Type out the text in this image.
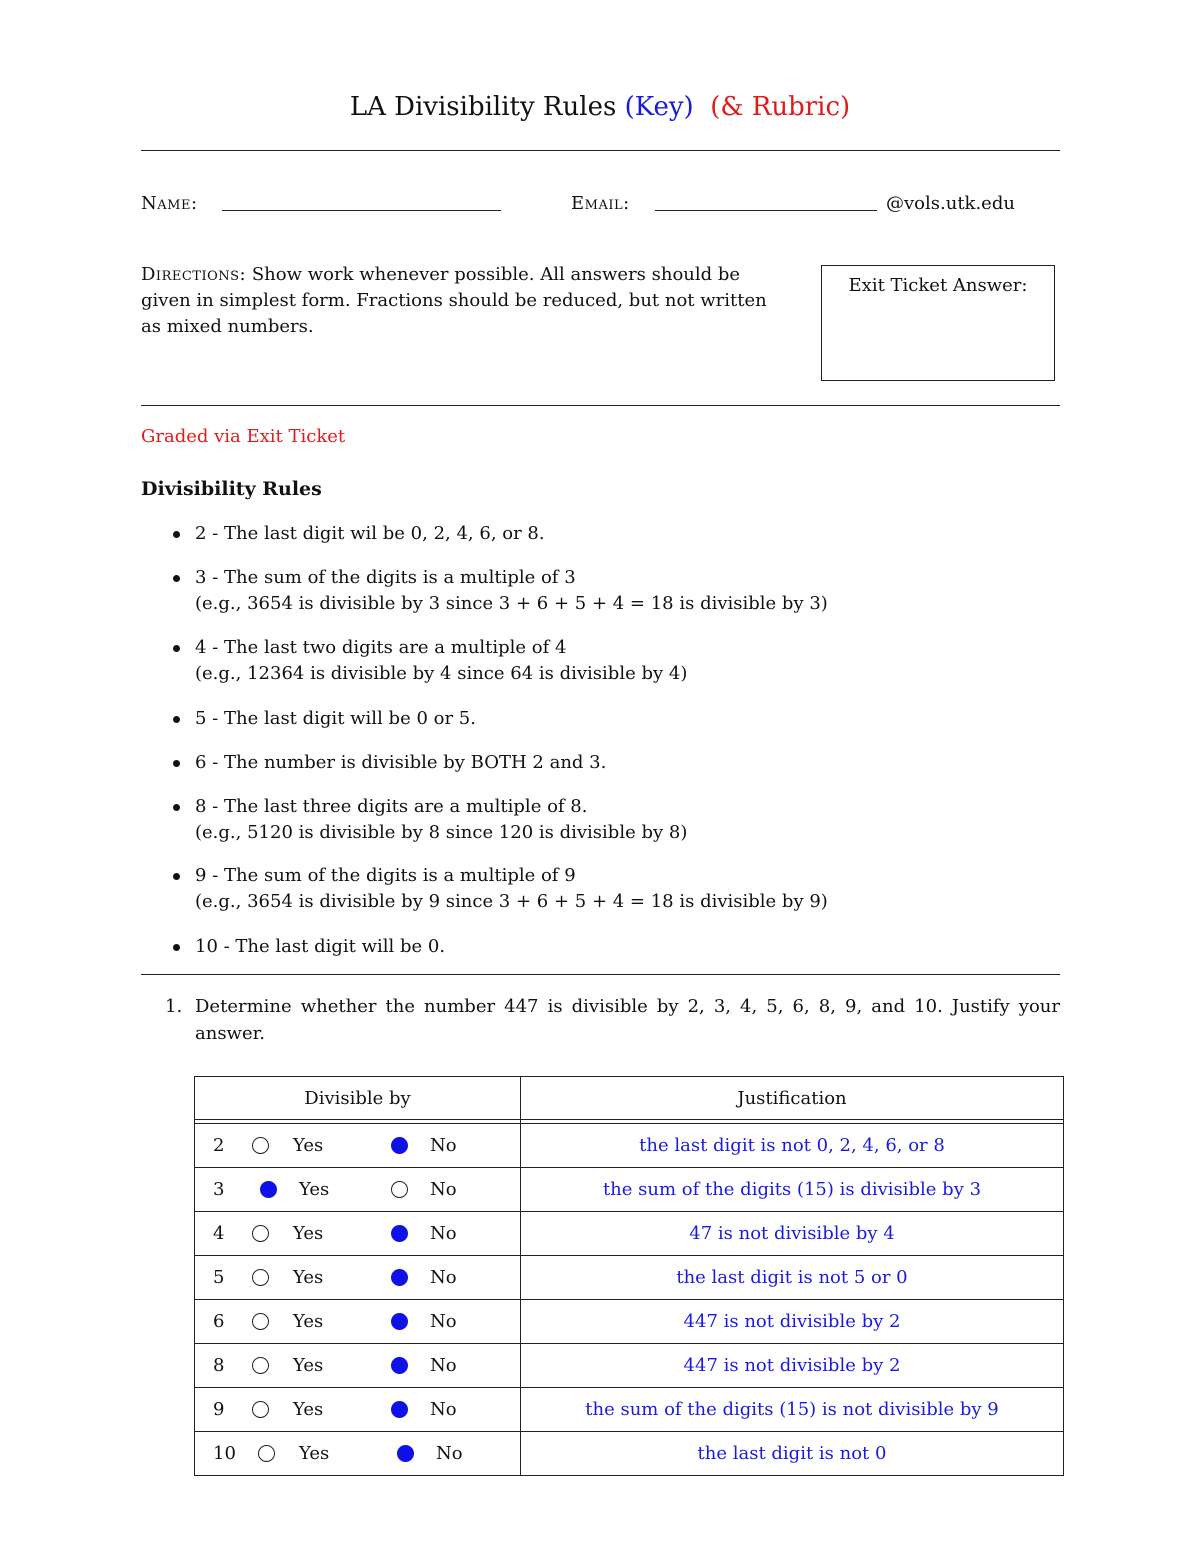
LA Divisibility Rules (Key) (& Rubric)
Name:	Email:	@vols.utk.edu
Directions: Show work whenever possible. All answers should be given in simplest form. Fractions should be reduced, but not written as mixed numbers.
Exit Ticket Answer:
Graded via Exit Ticket
Divisibility Rules
2 - The last digit wil be 0, 2, 4, 6, or 8.
3 - The sum of the digits is a multiple of 3
(e.g., 3654 is divisible by 3 since 3 + 6 + 5 + 4 = 18 is divisible by 3)
4 - The last two digits are a multiple of 4
(e.g., 12364 is divisible by 4 since 64 is divisible by 4)
5 - The last digit will be 0 or 5.
6 - The number is divisible by BOTH 2 and 3.
8 - The last three digits are a multiple of 8.
(e.g., 5120 is divisible by 8 since 120 is divisible by 8)
9 - The sum of the digits is a multiple of 9
(e.g., 3654 is divisible by 9 since 3 + 6 + 5 + 4 = 18 is divisible by 9)
10 - The last digit will be 0.
1. Determine whether the number 447 is divisible by 2, 3, 4, 5, 6, 8, 9, and 10. Justify your answer.
Divisible by	Justification

2 Yes No	the last digit is not 0, 2, 4, 6, or 8

3 Yes No	the sum of the digits (15) is divisible by 3

4 Yes No	47 is not divisible by 4

5 Yes No	the last digit is not 5 or 0

6 Yes No	447 is not divisible by 2

8 Yes No	447 is not divisible by 2

9 Yes No	the sum of the digits (15) is not divisible by 9

10 Yes No	the last digit is not 0
